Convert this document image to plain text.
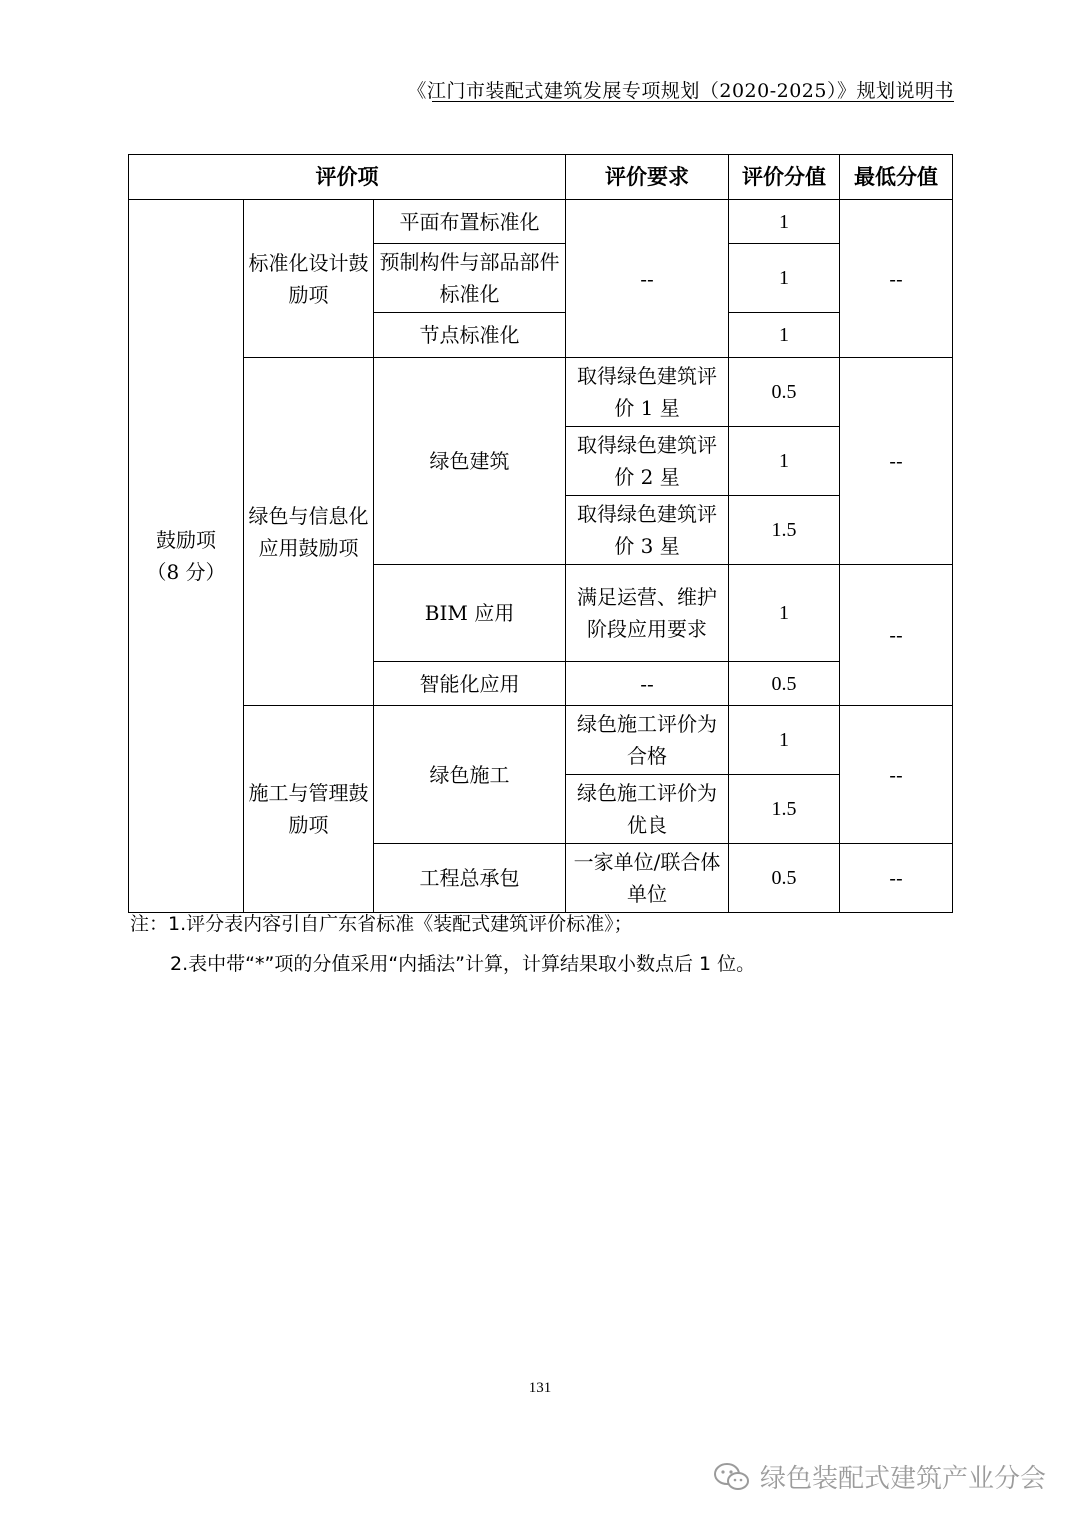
《江门市装配式建筑发展专项规划（2020-2025）》规划说明书
评价项			评价要求	评价分值	最低分值

鼓励项
（8 分）	标准化设计鼓励项	平面布置标准化	--	1	--
		预制构件与部品部件标准化		1	
		节点标准化		1	
	绿色与信息化应用鼓励项	绿色建筑	取得绿色建筑评价 1 星	0.5	--
			取得绿色建筑评价 2 星	1	
			取得绿色建筑评价 3 星	1.5	
		BIM 应用	满足运营、维护阶段应用要求	1	--
		智能化应用	--	0.5	
	施工与管理鼓励项	绿色施工	绿色施工评价为合格	1	--
			绿色施工评价为优良	1.5	
		工程总承包	一家单位/联合体单位	0.5	--
注：1.评分表内容引自广东省标准《装配式建筑评价标准》；
2.表中带“*”项的分值采用“内插法”计算，计算结果取小数点后 1 位。
131
绿色装配式建筑产业分会
